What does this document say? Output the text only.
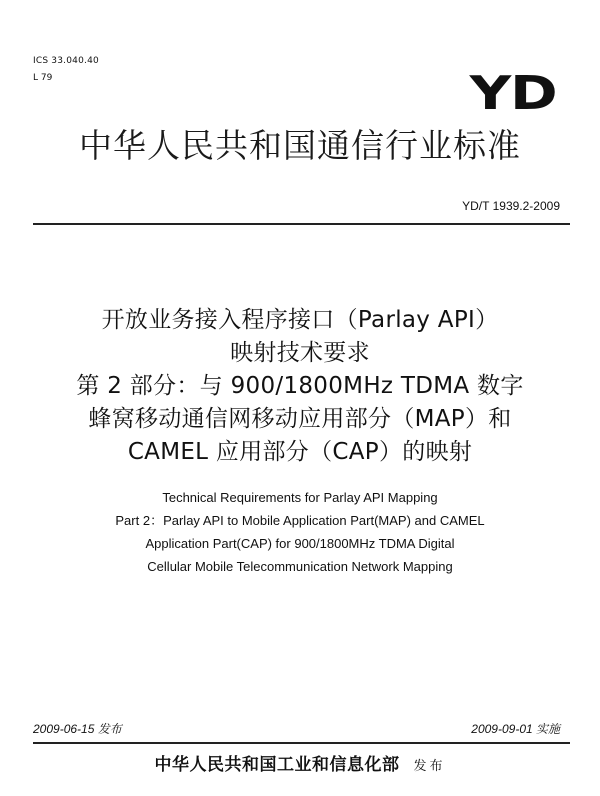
ICS 33.040.40
L 79	YD
中华人民共和国通信行业标准
YD/T 1939.2-2009
开放业务接入程序接口（Parlay API）
映射技术要求
第 2 部分：与 900/1800MHz TDMA 数字
蜂窝移动通信网移动应用部分（MAP）和
CAMEL 应用部分（CAP）的映射
Technical Requirements for Parlay API Mapping
Part 2：Parlay API to Mobile Application Part(MAP) and CAMEL
Application Part(CAP) for 900/1800MHz TDMA Digital
Cellular Mobile Telecommunication Network Mapping
2009-06-15 发布	2009-09-01 实施
中华人民共和国工业和信息化部 发布
